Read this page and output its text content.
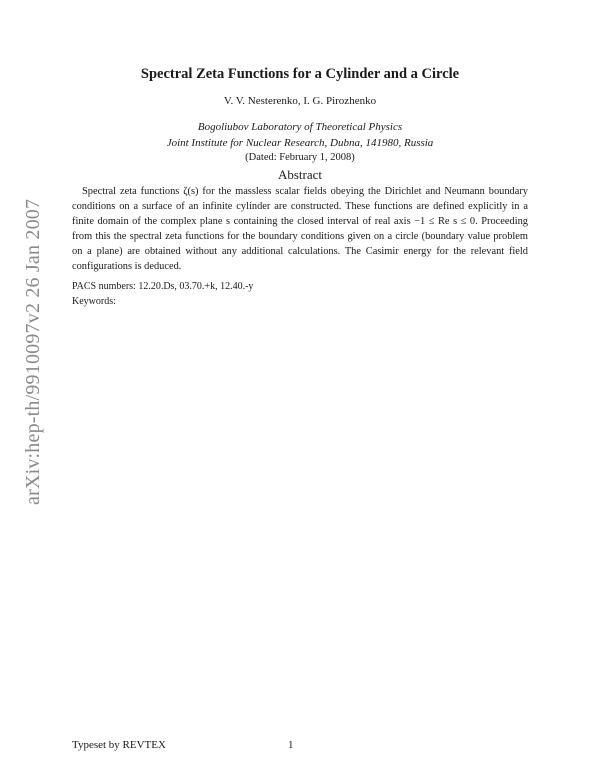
arXiv:hep-th/9910097v2 26 Jan 2007
Spectral Zeta Functions for a Cylinder and a Circle
V. V. Nesterenko, I. G. Pirozhenko
Bogoliubov Laboratory of Theoretical Physics
Joint Institute for Nuclear Research, Dubna, 141980, Russia
(Dated: February 1, 2008)
Abstract
Spectral zeta functions ζ(s) for the massless scalar fields obeying the Dirichlet and Neumann boundary conditions on a surface of an infinite cylinder are constructed. These functions are defined explicitly in a finite domain of the complex plane s containing the closed interval of real axis −1 ≤ Re s ≤ 0. Proceeding from this the spectral zeta functions for the boundary conditions given on a circle (boundary value problem on a plane) are obtained without any additional calculations. The Casimir energy for the relevant field configurations is deduced.
PACS numbers: 12.20.Ds, 03.70.+k, 12.40.-y
Keywords:
Typeset by REVTEX	1
